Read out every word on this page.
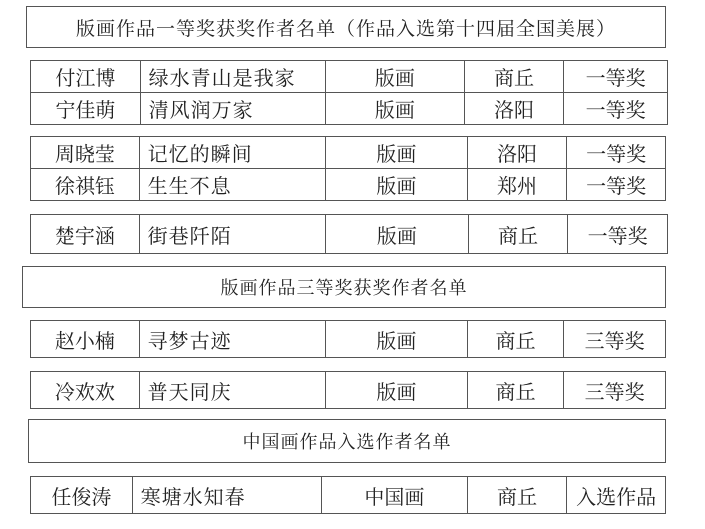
版画作品一等奖获奖作者名单（作品入选第十四届全国美展）
付江博	绿水青山是我家	版画	商丘	一等奖
宁佳萌	清风润万家	版画	洛阳	一等奖
周晓莹	记忆的瞬间	版画	洛阳	一等奖
徐祺钰	生生不息	版画	郑州	一等奖
楚宇涵	街巷阡陌	版画	商丘	一等奖
版画作品三等奖获奖作者名单
赵小楠	寻梦古迹	版画	商丘	三等奖
冷欢欢	普天同庆	版画	商丘	三等奖
中国画作品入选作者名单
任俊涛	寒塘水知春	中国画	商丘	入选作品
